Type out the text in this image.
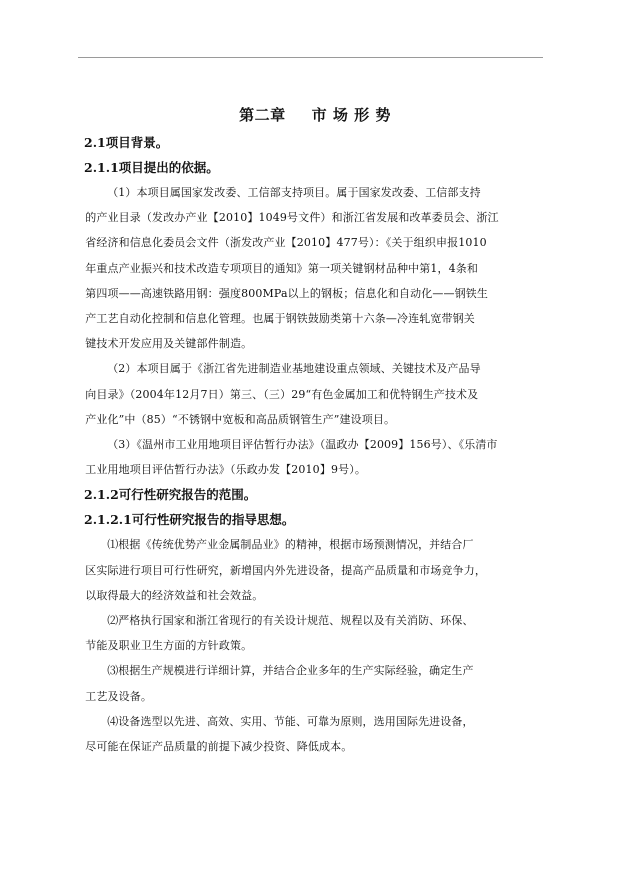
第二章 市 场 形 势
2.1项目背景。
2.1.1项目提出的依据。

（1）本项目属国家发改委、工信部支持项目。属于国家发改委、工信部支持
的产业目录（发改办产业【2010】1049号文件）和浙江省发展和改革委员会、浙江
省经济和信息化委员会文件（浙发改产业【2010】477号）：《关于组织申报1010
年重点产业振兴和技术改造专项项目的通知》第一项关键钢材品种中第1，4条和
第四项——高速铁路用钢：强度800MPa以上的钢板；信息化和自动化——钢铁生
产工艺自动化控制和信息化管理。也属于钢铁鼓励类第十六条—冷连轧宽带钢关
键技术开发应用及关键部件制造。

（2）本项目属于《浙江省先进制造业基地建设重点领域、关键技术及产品导
向目录》（2004年12月7日）第三、（三）29“有色金属加工和优特钢生产技术及
产业化”中（85）“不锈钢中宽板和高品质钢管生产”建设项目。

（3）《温州市工业用地项目评估暂行办法》（温政办【2009】156号）、《乐清市
工业用地项目评估暂行办法》（乐政办发【2010】9号）。

2.1.2可行性研究报告的范围。
2.1.2.1可行性研究报告的指导思想。

⑴根据《传统优势产业金属制品业》的精神，根据市场预测情况，并结合厂
区实际进行项目可行性研究，新增国内外先进设备，提高产品质量和市场竞争力，
以取得最大的经济效益和社会效益。

⑵严格执行国家和浙江省现行的有关设计规范、规程以及有关消防、环保、
节能及职业卫生方面的方针政策。

⑶根据生产规模进行详细计算，并结合企业多年的生产实际经验，确定生产
工艺及设备。

⑷设备选型以先进、高效、实用、节能、可靠为原则，选用国际先进设备，
尽可能在保证产品质量的前提下减少投资、降低成本。
